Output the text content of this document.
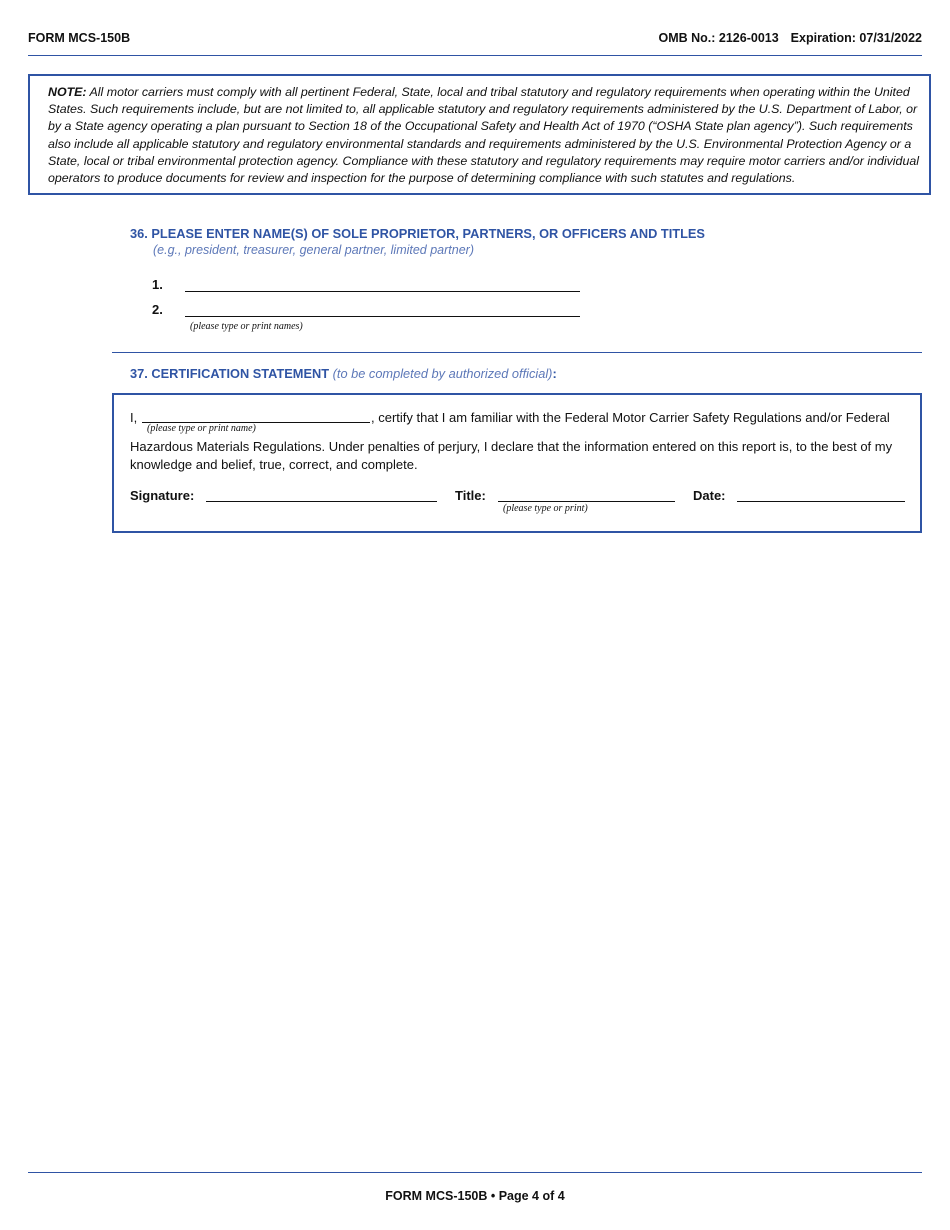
FORM MCS-150B	OMB No.: 2126-0013 Expiration: 07/31/2022
NOTE: All motor carriers must comply with all pertinent Federal, State, local and tribal statutory and regulatory requirements when operating within the United States. Such requirements include, but are not limited to, all applicable statutory and regulatory requirements administered by the U.S. Department of Labor, or by a State agency operating a plan pursuant to Section 18 of the Occupational Safety and Health Act of 1970 (“OSHA State plan agency”). Such requirements also include all applicable statutory and regulatory environmental standards and requirements administered by the U.S. Environmental Protection Agency or a State, local or tribal environmental protection agency. Compliance with these statutory and regulatory requirements may require motor carriers and/or individual operators to produce documents for review and inspection for the purpose of determining compliance with such statutes and regulations.
36. PLEASE ENTER NAME(S) OF SOLE PROPRIETOR, PARTNERS, OR OFFICERS AND TITLES
(e.g., president, treasurer, general partner, limited partner)
1.
2.
(please type or print names)
37. CERTIFICATION STATEMENT (to be completed by authorized official):
I,
(please type or print name)
, certify that I am familiar with the Federal Motor Carrier Safety Regulations and/or Federal
Hazardous Materials Regulations. Under penalties of perjury, I declare that the information entered on this report is, to the best of my knowledge and belief, true, correct, and complete.
Signature:	Title:
(please type or print)
Date:
FORM MCS-150B • Page 4 of 4
